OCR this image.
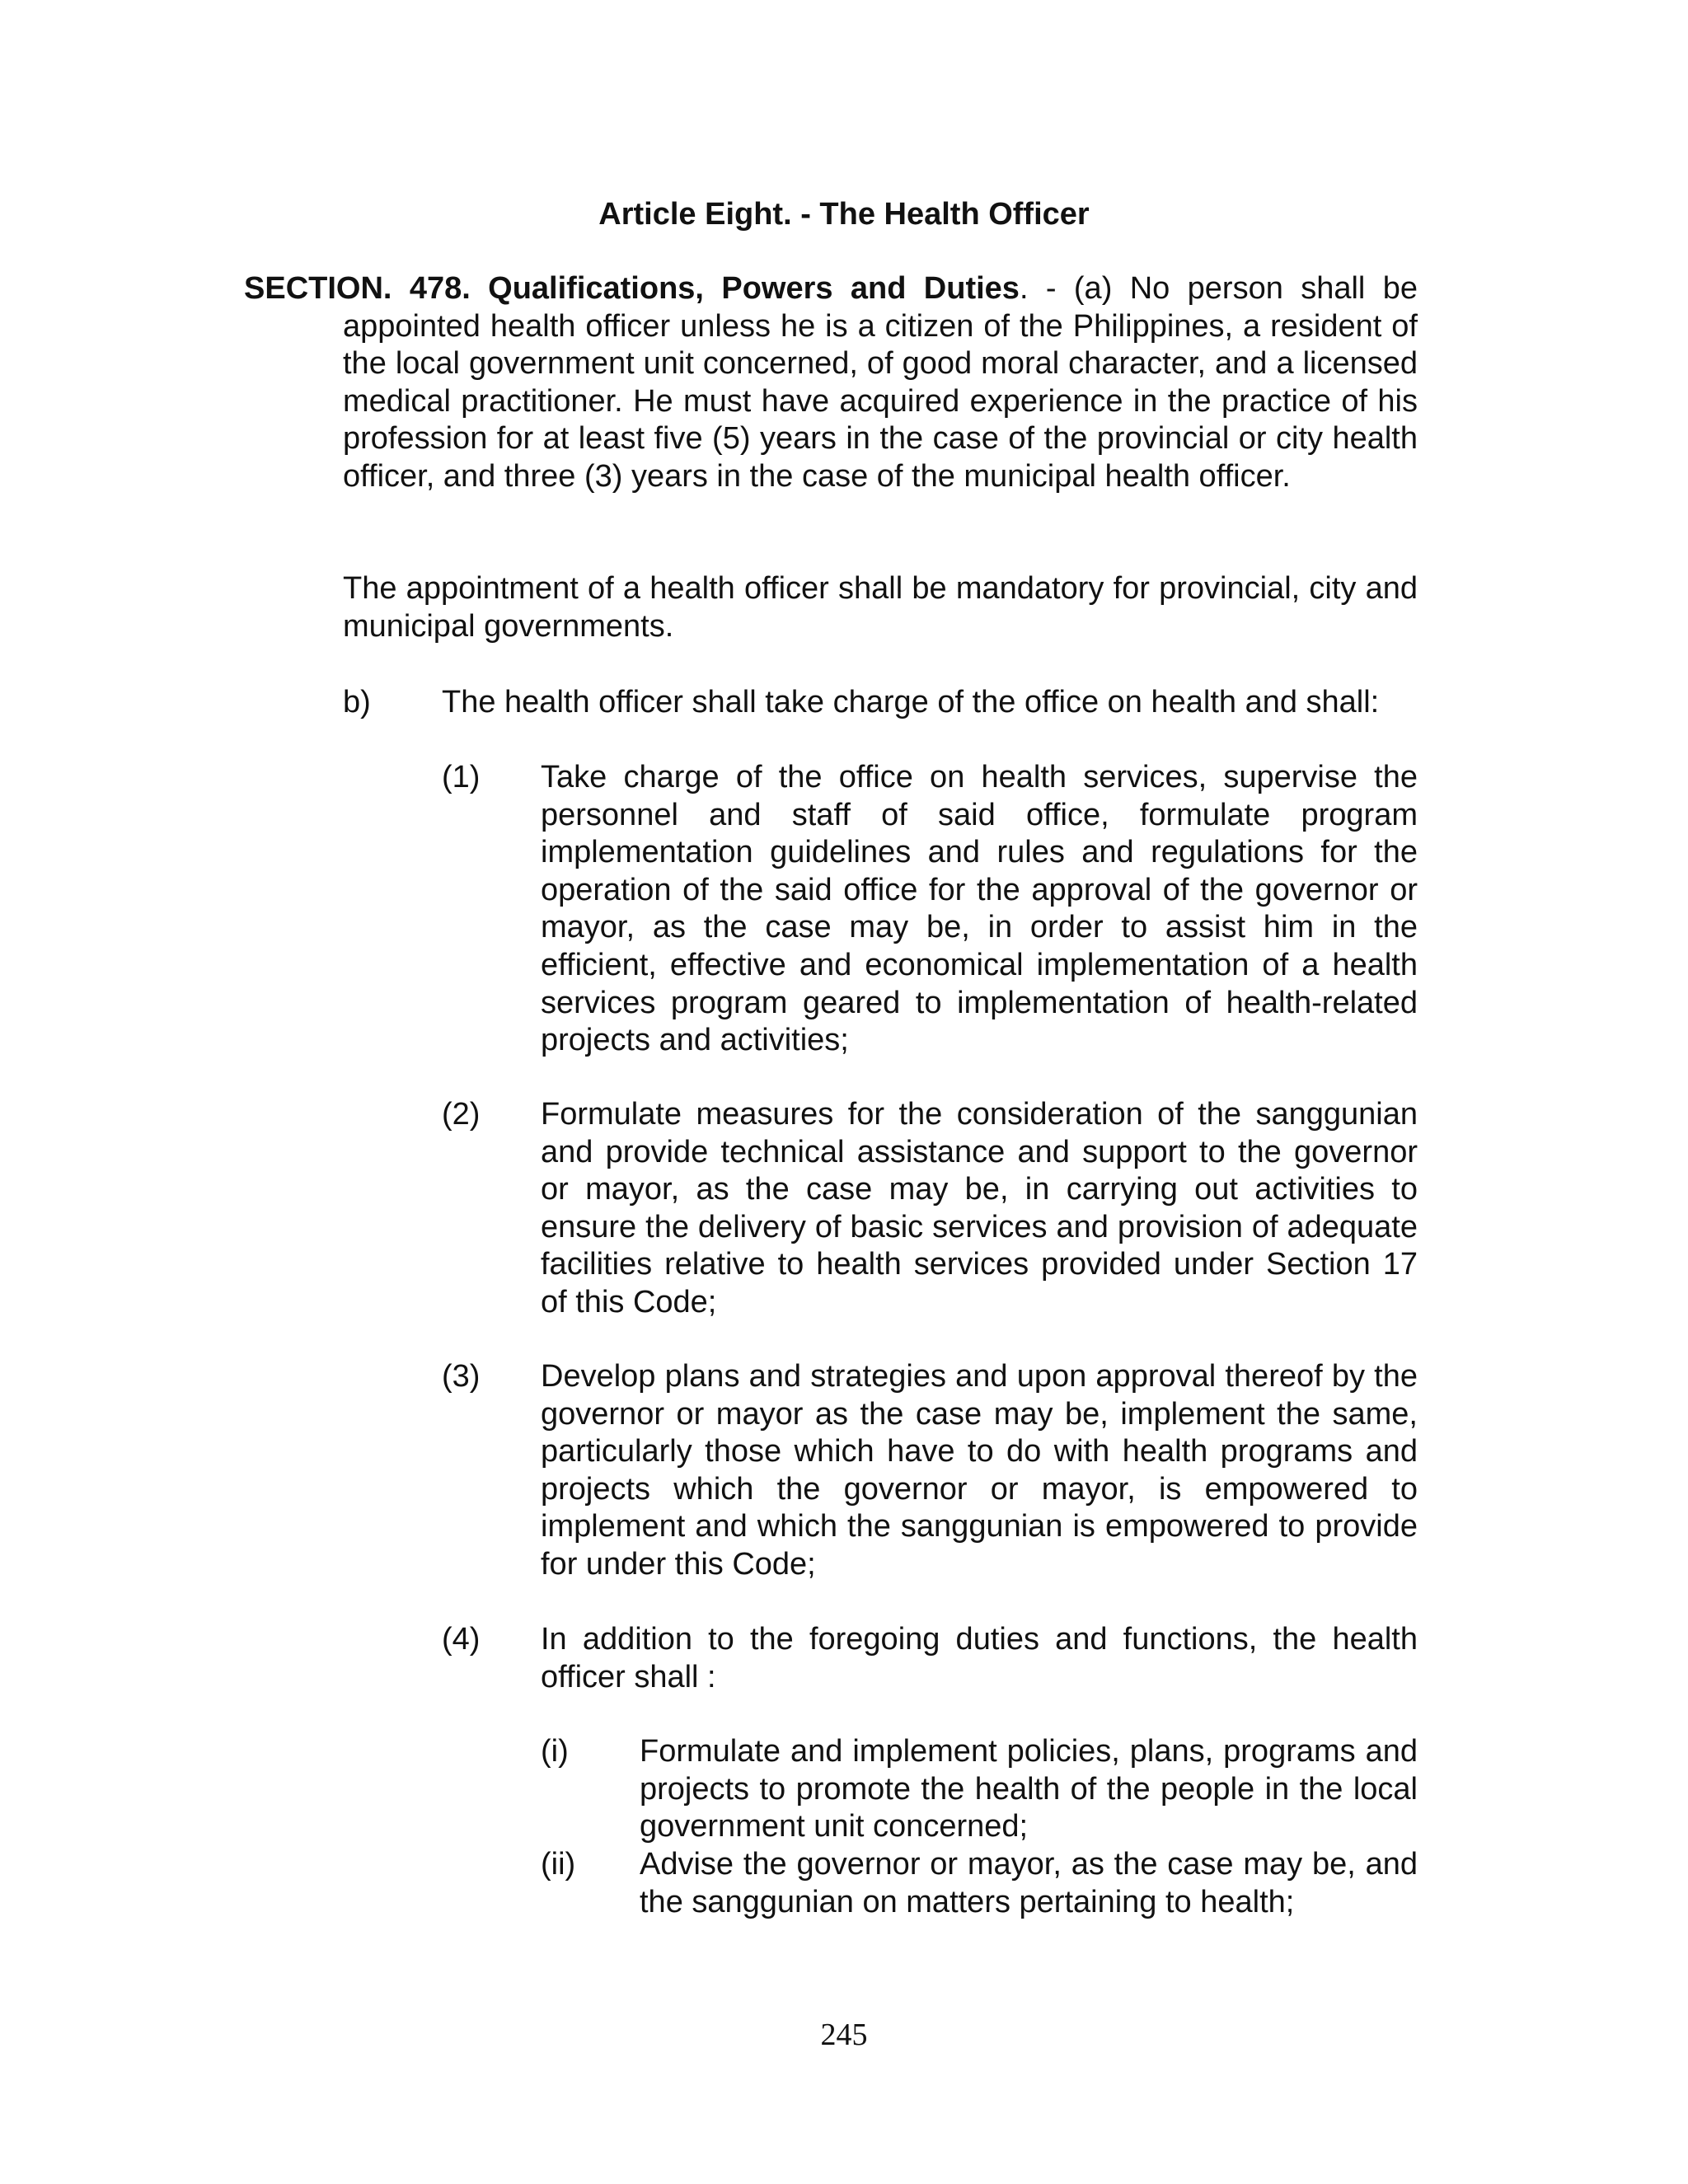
Article Eight. - The Health Officer
SECTION. 478. Qualifications, Powers and Duties. - (a) No person shall be appointed health officer unless he is a citizen of the Philippines, a resident of the local government unit concerned, of good moral character, and a licensed medical practitioner. He must have acquired experience in the practice of his profession for at least five (5) years in the case of the provincial or city health officer, and three (3) years in the case of the municipal health officer.
The appointment of a health officer shall be mandatory for provincial, city and municipal governments.
b) The health officer shall take charge of the office on health and shall:
(1) Take charge of the office on health services, supervise the personnel and staff of said office, formulate program implementation guidelines and rules and regulations for the operation of the said office for the approval of the governor or mayor, as the case may be, in order to assist him in the efficient, effective and economical implementation of a health services program geared to implementation of health-related projects and activities;
(2) Formulate measures for the consideration of the sanggunian and provide technical assistance and support to the governor or mayor, as the case may be, in carrying out activities to ensure the delivery of basic services and provision of adequate facilities relative to health services provided under Section 17 of this Code;
(3) Develop plans and strategies and upon approval thereof by the governor or mayor as the case may be, implement the same, particularly those which have to do with health programs and projects which the governor or mayor, is empowered to implement and which the sanggunian is empowered to provide for under this Code;
(4) In addition to the foregoing duties and functions, the health officer shall :
(i) Formulate and implement policies, plans, programs and projects to promote the health of the people in the local government unit concerned;
(ii) Advise the governor or mayor, as the case may be, and the sanggunian on matters pertaining to health;
245
